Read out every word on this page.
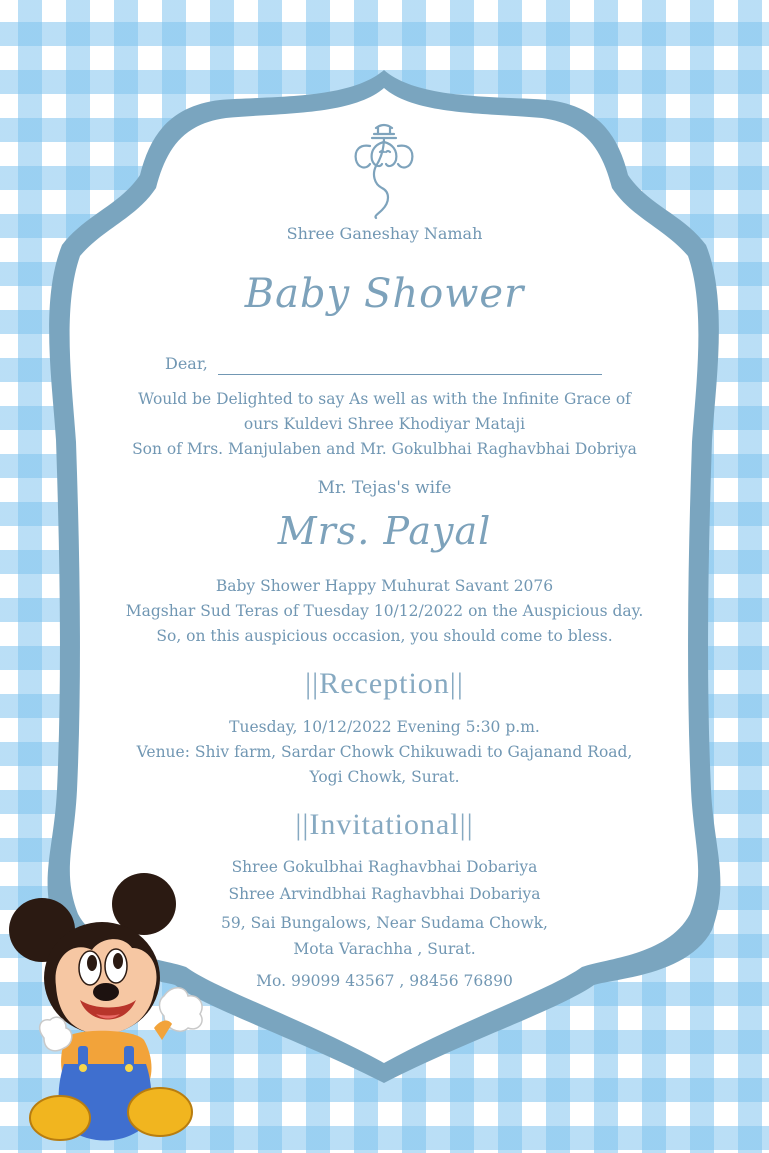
Shree Ganeshay Namah
Baby Shower
Dear,
Would be Delighted to say As well as with the Infinite Grace of
ours Kuldevi Shree Khodiyar Mataji
Son of Mrs. Manjulaben and Mr. Gokulbhai Raghavbhai Dobriya
Mr. Tejas's wife
Mrs. Payal
Baby Shower Happy Muhurat Savant 2076
Magshar Sud Teras of Tuesday 10/12/2022 on the Auspicious day.
So, on this auspicious occasion, you should come to bless.
||Reception||
Tuesday, 10/12/2022 Evening 5:30 p.m.
Venue: Shiv farm, Sardar Chowk Chikuwadi to Gajanand Road,
Yogi Chowk, Surat.
||Invitational||
Shree Gokulbhai Raghavbhai Dobariya
Shree Arvindbhai Raghavbhai Dobariya
59, Sai Bungalows, Near Sudama Chowk,
Mota Varachha , Surat.
Mo. 99099 43567 , 98456 76890
